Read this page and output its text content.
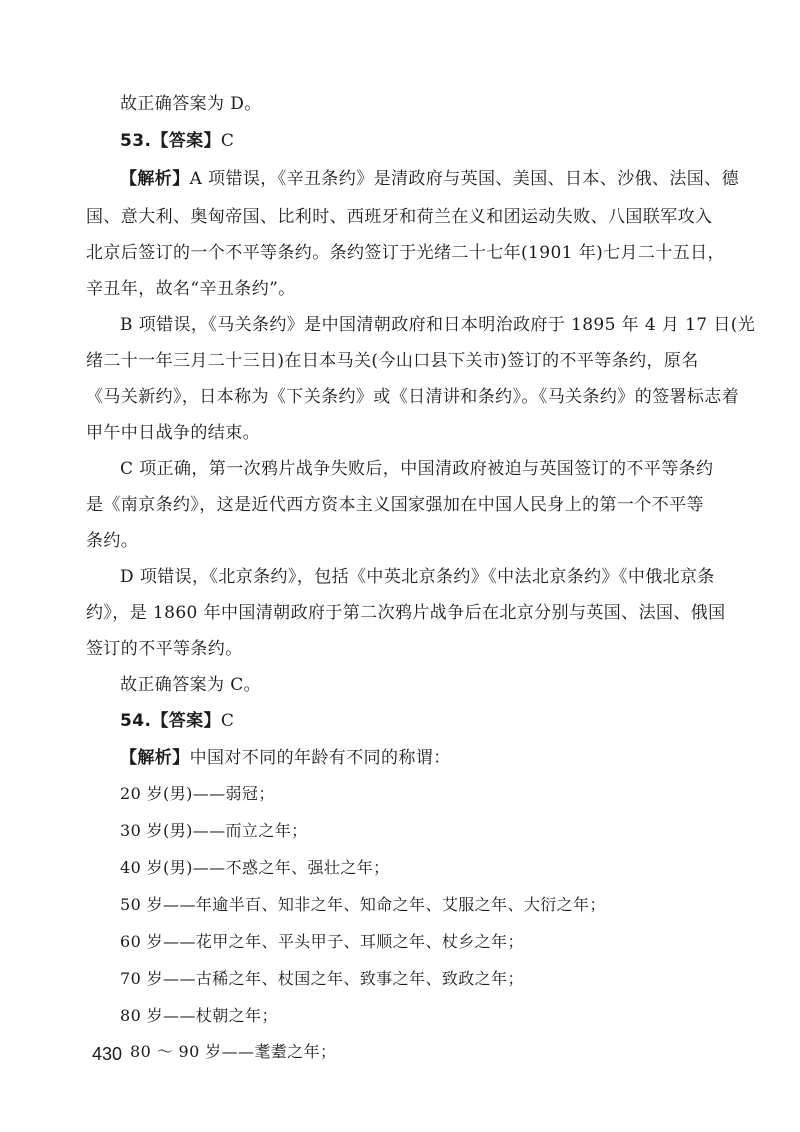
故正确答案为 D。
53.【答案】C
【解析】A 项错误，《辛丑条约》是清政府与英国、美国、日本、沙俄、法国、德
国、意大利、奥匈帝国、比利时、西班牙和荷兰在义和团运动失败、八国联军攻入
北京后签订的一个不平等条约。条约签订于光绪二十七年(1901 年)七月二十五日，
辛丑年，故名“辛丑条约”。
B 项错误，《马关条约》是中国清朝政府和日本明治政府于 1895 年 4 月 17 日(光
绪二十一年三月二十三日)在日本马关(今山口县下关市)签订的不平等条约，原名
《马关新约》，日本称为《下关条约》或《日清讲和条约》。《马关条约》的签署标志着
甲午中日战争的结束。
C 项正确，第一次鸦片战争失败后，中国清政府被迫与英国签订的不平等条约
是《南京条约》，这是近代西方资本主义国家强加在中国人民身上的第一个不平等
条约。
D 项错误，《北京条约》，包括《中英北京条约》《中法北京条约》《中俄北京条
约》，是 1860 年中国清朝政府于第二次鸦片战争后在北京分别与英国、法国、俄国
签订的不平等条约。
故正确答案为 C。
54.【答案】C
【解析】中国对不同的年龄有不同的称谓：
20 岁(男)——弱冠；
30 岁(男)——而立之年；
40 岁(男)——不惑之年、强壮之年；
50 岁——年逾半百、知非之年、知命之年、艾服之年、大衍之年；
60 岁——花甲之年、平头甲子、耳顺之年、杖乡之年；
70 岁——古稀之年、杖国之年、致事之年、致政之年；
80 岁——杖朝之年；
80 ～ 90 岁——耄耋之年；
430
